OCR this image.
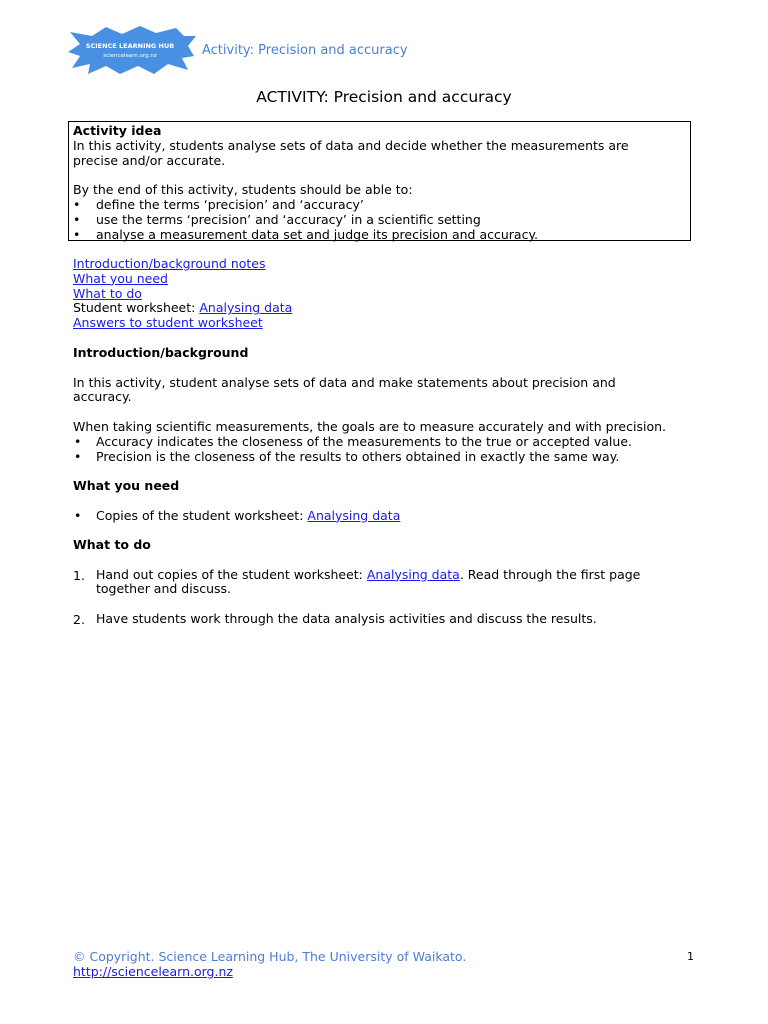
SCIENCE LEARNING HUB
sciencelearn.org.nz	Activity: Precision and accuracy
ACTIVITY: Precision and accuracy
Activity idea
In this activity, students analyse sets of data and decide whether the measurements are
precise and/or accurate.
By the end of this activity, students should be able to:
• define the terms ‘precision’ and ‘accuracy’
• use the terms ‘precision’ and ‘accuracy’ in a scientific setting
• analyse a measurement data set and judge its precision and accuracy.
Introduction/background notes
What you need
What to do
Student worksheet: Analysing data
Answers to student worksheet
Introduction/background
In this activity, student analyse sets of data and make statements about precision and
accuracy.
When taking scientific measurements, the goals are to measure accurately and with precision.
• Accuracy indicates the closeness of the measurements to the true or accepted value.
• Precision is the closeness of the results to others obtained in exactly the same way.
What you need
• Copies of the student worksheet: Analysing data
What to do
1. Hand out copies of the student worksheet: Analysing data. Read through the first page
together and discuss.
2. Have students work through the data analysis activities and discuss the results.
© Copyright. Science Learning Hub, The University of Waikato.
http://sciencelearn.org.nz
1
